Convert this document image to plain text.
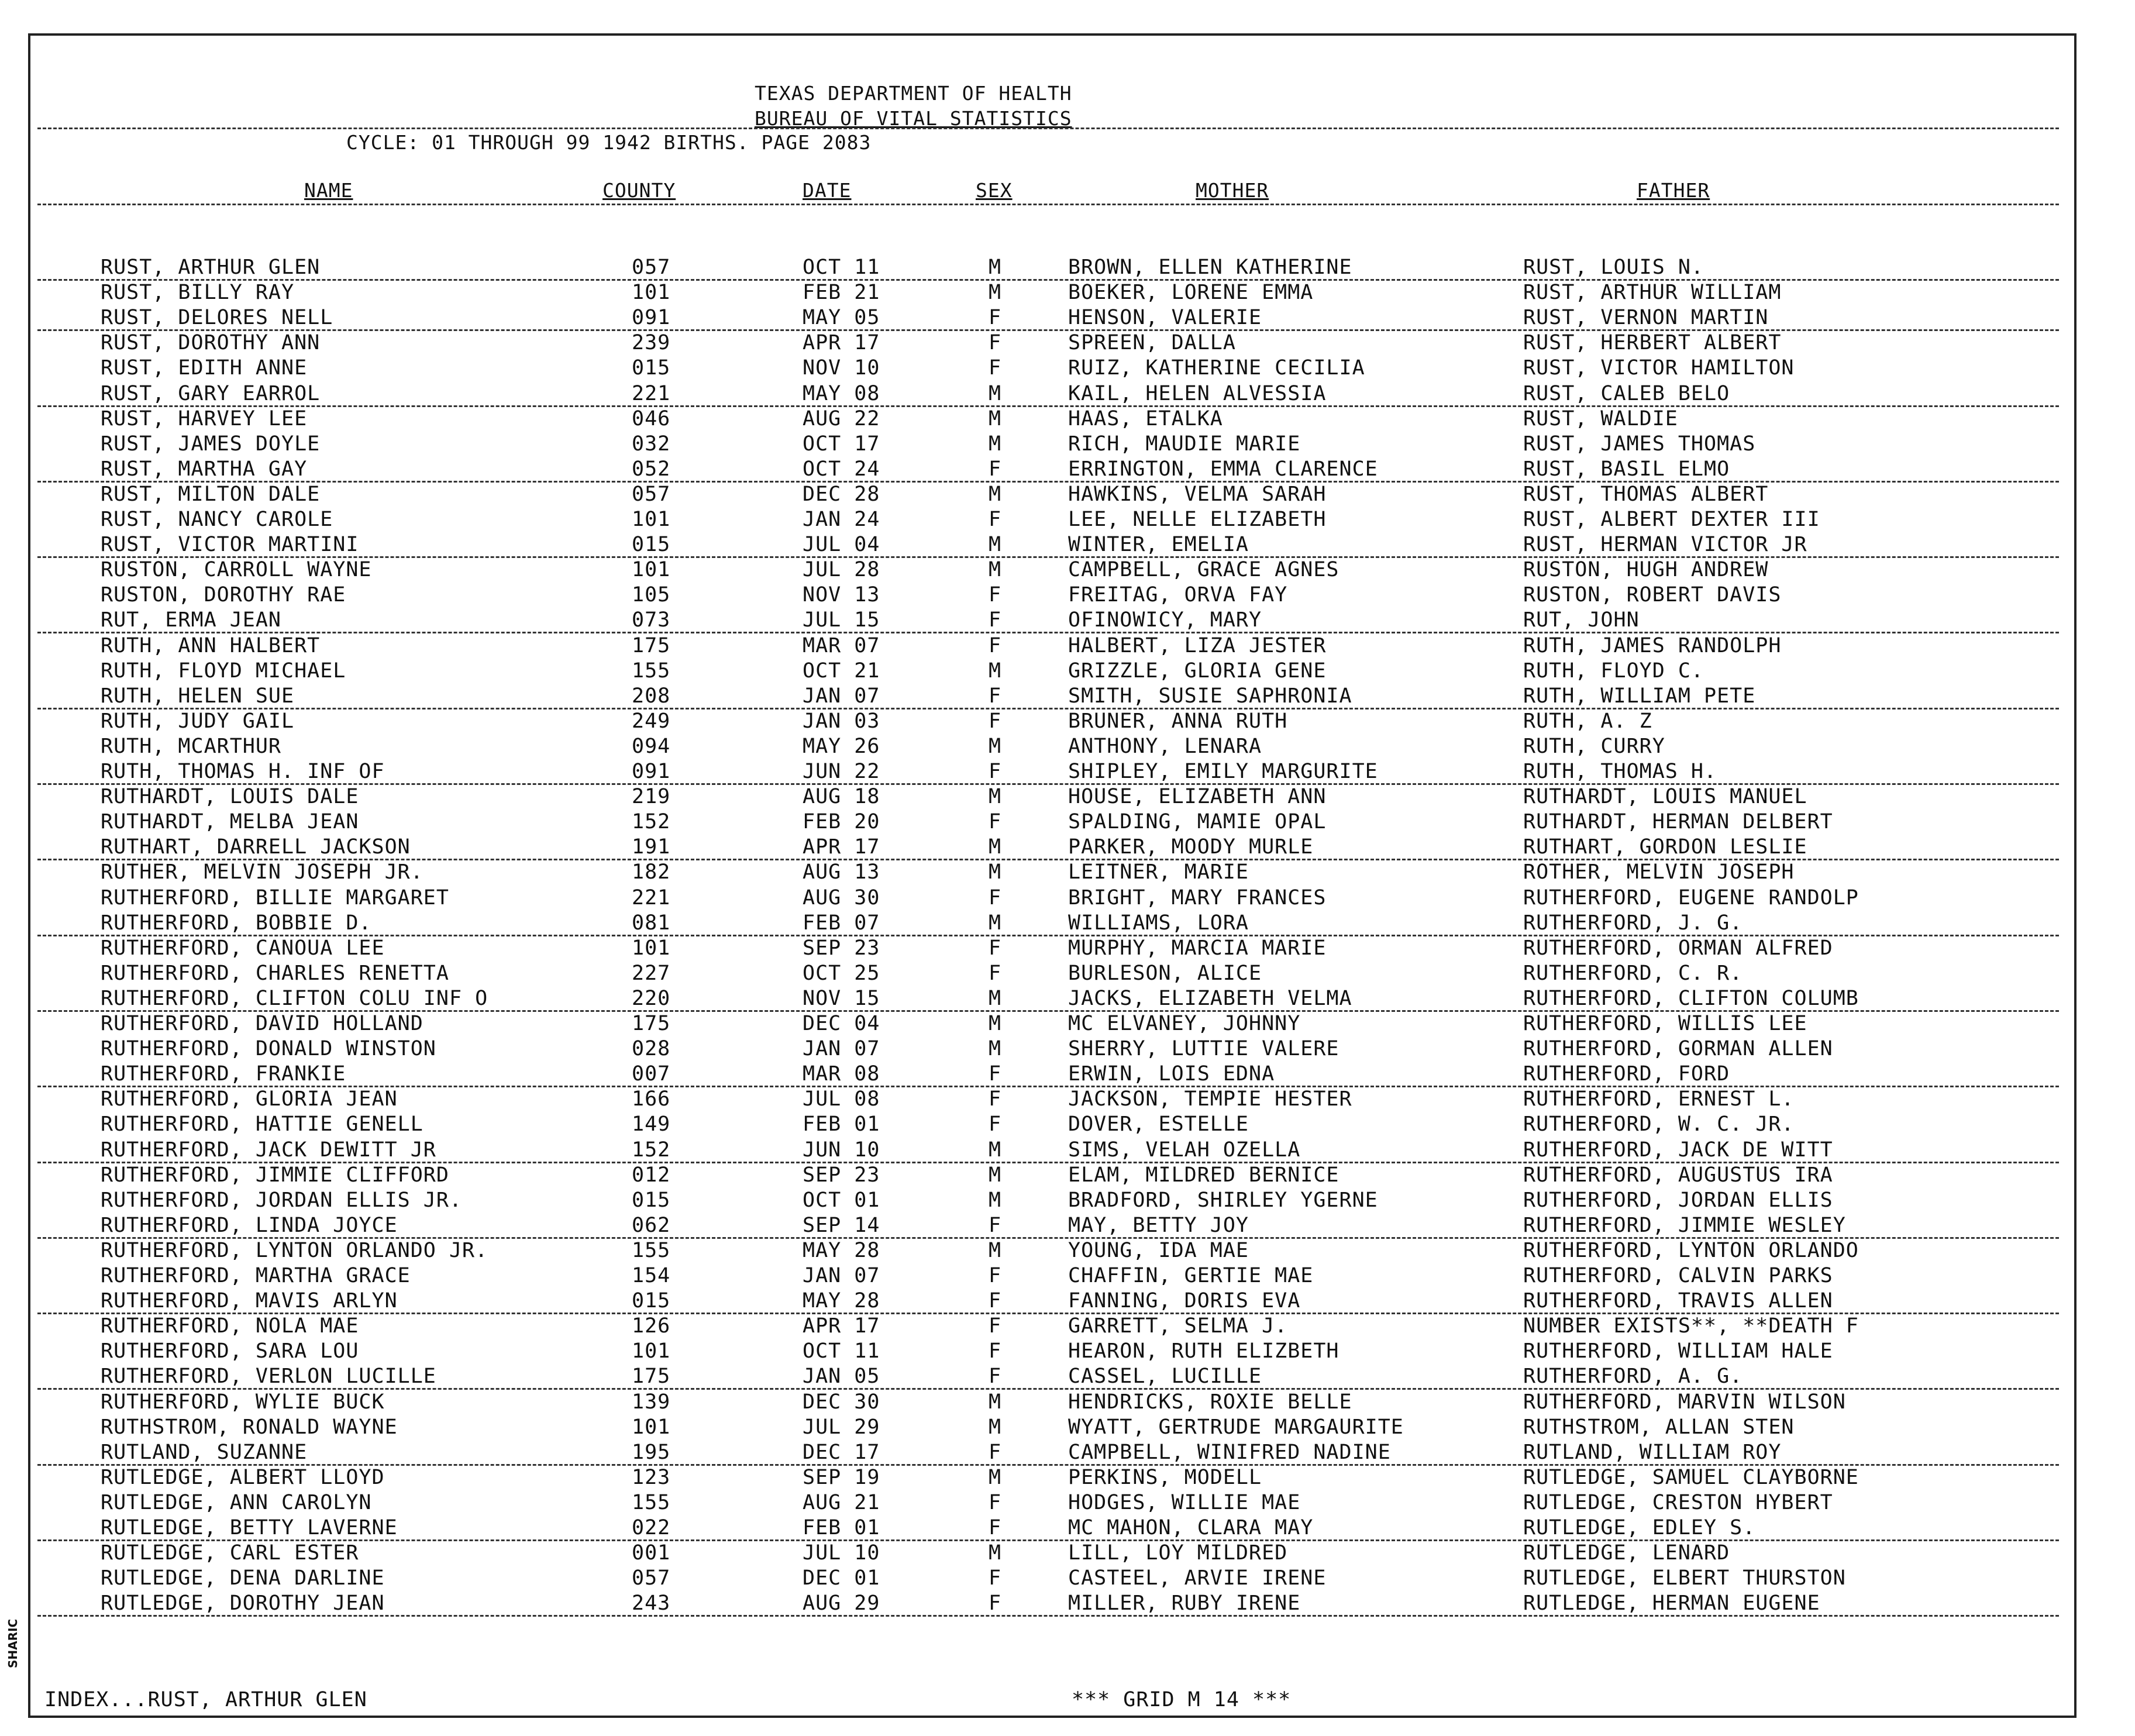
TEXAS DEPARTMENT OF HEALTH
BUREAU OF VITAL STATISTICS
CYCLE: 01 THROUGH 99 1942 BIRTHS. PAGE 2083
NAME	COUNTY	DATE	SEX	MOTHER	FATHER
RUST, ARTHUR GLEN	057	OCT 11	M	BROWN, ELLEN KATHERINE	RUST, LOUIS N.
RUST, BILLY RAY	101	FEB 21	M	BOEKER, LORENE EMMA	RUST, ARTHUR WILLIAM
RUST, DELORES NELL	091	MAY 05	F	HENSON, VALERIE	RUST, VERNON MARTIN
RUST, DOROTHY ANN	239	APR 17	F	SPREEN, DALLA	RUST, HERBERT ALBERT
RUST, EDITH ANNE	015	NOV 10	F	RUIZ, KATHERINE CECILIA	RUST, VICTOR HAMILTON
RUST, GARY EARROL	221	MAY 08	M	KAIL, HELEN ALVESSIA	RUST, CALEB BELO
RUST, HARVEY LEE	046	AUG 22	M	HAAS, ETALKA	RUST, WALDIE
RUST, JAMES DOYLE	032	OCT 17	M	RICH, MAUDIE MARIE	RUST, JAMES THOMAS
RUST, MARTHA GAY	052	OCT 24	F	ERRINGTON, EMMA CLARENCE	RUST, BASIL ELMO
RUST, MILTON DALE	057	DEC 28	M	HAWKINS, VELMA SARAH	RUST, THOMAS ALBERT
RUST, NANCY CAROLE	101	JAN 24	F	LEE, NELLE ELIZABETH	RUST, ALBERT DEXTER III
RUST, VICTOR MARTINI	015	JUL 04	M	WINTER, EMELIA	RUST, HERMAN VICTOR JR
RUSTON, CARROLL WAYNE	101	JUL 28	M	CAMPBELL, GRACE AGNES	RUSTON, HUGH ANDREW
RUSTON, DOROTHY RAE	105	NOV 13	F	FREITAG, ORVA FAY	RUSTON, ROBERT DAVIS
RUT, ERMA JEAN	073	JUL 15	F	OFINOWICY, MARY	RUT, JOHN
RUTH, ANN HALBERT	175	MAR 07	F	HALBERT, LIZA JESTER	RUTH, JAMES RANDOLPH
RUTH, FLOYD MICHAEL	155	OCT 21	M	GRIZZLE, GLORIA GENE	RUTH, FLOYD C.
RUTH, HELEN SUE	208	JAN 07	F	SMITH, SUSIE SAPHRONIA	RUTH, WILLIAM PETE
RUTH, JUDY GAIL	249	JAN 03	F	BRUNER, ANNA RUTH	RUTH, A. Z
RUTH, MCARTHUR	094	MAY 26	M	ANTHONY, LENARA	RUTH, CURRY
RUTH, THOMAS H. INF OF	091	JUN 22	F	SHIPLEY, EMILY MARGURITE	RUTH, THOMAS H.
RUTHARDT, LOUIS DALE	219	AUG 18	M	HOUSE, ELIZABETH ANN	RUTHARDT, LOUIS MANUEL
RUTHARDT, MELBA JEAN	152	FEB 20	F	SPALDING, MAMIE OPAL	RUTHARDT, HERMAN DELBERT
RUTHART, DARRELL JACKSON	191	APR 17	M	PARKER, MOODY MURLE	RUTHART, GORDON LESLIE
RUTHER, MELVIN JOSEPH JR.	182	AUG 13	M	LEITNER, MARIE	ROTHER, MELVIN JOSEPH
RUTHERFORD, BILLIE MARGARET	221	AUG 30	F	BRIGHT, MARY FRANCES	RUTHERFORD, EUGENE RANDOLP
RUTHERFORD, BOBBIE D.	081	FEB 07	M	WILLIAMS, LORA	RUTHERFORD, J. G.
RUTHERFORD, CANOUA LEE	101	SEP 23	F	MURPHY, MARCIA MARIE	RUTHERFORD, ORMAN ALFRED
RUTHERFORD, CHARLES RENETTA	227	OCT 25	F	BURLESON, ALICE	RUTHERFORD, C. R.
RUTHERFORD, CLIFTON COLU INF O	220	NOV 15	M	JACKS, ELIZABETH VELMA	RUTHERFORD, CLIFTON COLUMB
RUTHERFORD, DAVID HOLLAND	175	DEC 04	M	MC ELVANEY, JOHNNY	RUTHERFORD, WILLIS LEE
RUTHERFORD, DONALD WINSTON	028	JAN 07	M	SHERRY, LUTTIE VALERE	RUTHERFORD, GORMAN ALLEN
RUTHERFORD, FRANKIE	007	MAR 08	F	ERWIN, LOIS EDNA	RUTHERFORD, FORD
RUTHERFORD, GLORIA JEAN	166	JUL 08	F	JACKSON, TEMPIE HESTER	RUTHERFORD, ERNEST L.
RUTHERFORD, HATTIE GENELL	149	FEB 01	F	DOVER, ESTELLE	RUTHERFORD, W. C. JR.
RUTHERFORD, JACK DEWITT JR	152	JUN 10	M	SIMS, VELAH OZELLA	RUTHERFORD, JACK DE WITT
RUTHERFORD, JIMMIE CLIFFORD	012	SEP 23	M	ELAM, MILDRED BERNICE	RUTHERFORD, AUGUSTUS IRA
RUTHERFORD, JORDAN ELLIS JR.	015	OCT 01	M	BRADFORD, SHIRLEY YGERNE	RUTHERFORD, JORDAN ELLIS
RUTHERFORD, LINDA JOYCE	062	SEP 14	F	MAY, BETTY JOY	RUTHERFORD, JIMMIE WESLEY
RUTHERFORD, LYNTON ORLANDO JR.	155	MAY 28	M	YOUNG, IDA MAE	RUTHERFORD, LYNTON ORLANDO
RUTHERFORD, MARTHA GRACE	154	JAN 07	F	CHAFFIN, GERTIE MAE	RUTHERFORD, CALVIN PARKS
RUTHERFORD, MAVIS ARLYN	015	MAY 28	F	FANNING, DORIS EVA	RUTHERFORD, TRAVIS ALLEN
RUTHERFORD, NOLA MAE	126	APR 17	F	GARRETT, SELMA J.	NUMBER EXISTS**, **DEATH F
RUTHERFORD, SARA LOU	101	OCT 11	F	HEARON, RUTH ELIZBETH	RUTHERFORD, WILLIAM HALE
RUTHERFORD, VERLON LUCILLE	175	JAN 05	F	CASSEL, LUCILLE	RUTHERFORD, A. G.
RUTHERFORD, WYLIE BUCK	139	DEC 30	M	HENDRICKS, ROXIE BELLE	RUTHERFORD, MARVIN WILSON
RUTHSTROM, RONALD WAYNE	101	JUL 29	M	WYATT, GERTRUDE MARGAURITE	RUTHSTROM, ALLAN STEN
RUTLAND, SUZANNE	195	DEC 17	F	CAMPBELL, WINIFRED NADINE	RUTLAND, WILLIAM ROY
RUTLEDGE, ALBERT LLOYD	123	SEP 19	M	PERKINS, MODELL	RUTLEDGE, SAMUEL CLAYBORNE
RUTLEDGE, ANN CAROLYN	155	AUG 21	F	HODGES, WILLIE MAE	RUTLEDGE, CRESTON HYBERT
RUTLEDGE, BETTY LAVERNE	022	FEB 01	F	MC MAHON, CLARA MAY	RUTLEDGE, EDLEY S.
RUTLEDGE, CARL ESTER	001	JUL 10	M	LILL, LOY MILDRED	RUTLEDGE, LENARD
RUTLEDGE, DENA DARLINE	057	DEC 01	F	CASTEEL, ARVIE IRENE	RUTLEDGE, ELBERT THURSTON
RUTLEDGE, DOROTHY JEAN	243	AUG 29	F	MILLER, RUBY IRENE	RUTLEDGE, HERMAN EUGENE
SHARIC
INDEX...RUST, ARTHUR GLEN	*** GRID M 14 ***
